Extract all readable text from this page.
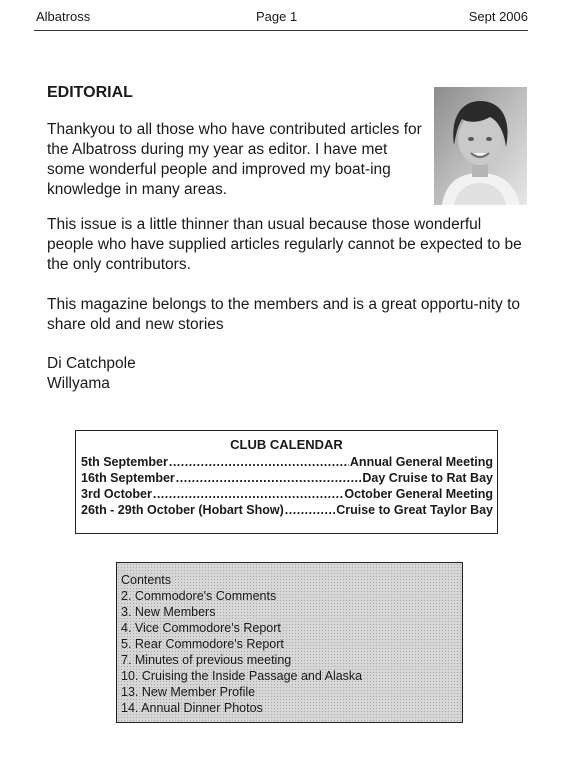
Albatross	Page 1	Sept 2006
EDITORIAL

Thankyou to all those who have contributed articles for the Albatross during my year as editor. I have met some wonderful people and improved my boat-ing knowledge in many areas.

This issue is a little thinner than usual because those wonderful people who have supplied articles regularly cannot be expected to be the only contributors.

This magazine belongs to the members and is a great opportu-nity to share old and new stories

Di Catchpole
Willyama
CLUB CALENDAR
5th September .....	Annual General Meeting
16th September .....	Day Cruise to Rat Bay
3rd October .....	October General Meeting
26th - 29th October (Hobart Show) .....	Cruise to Great Taylor Bay
Contents
2. Commodore's Comments
3. New Members
4. Vice Commodore's Report
5. Rear Commodore's Report
7. Minutes of previous meeting
10. Cruising the Inside Passage and Alaska
13. New Member Profile
14. Annual Dinner Photos
